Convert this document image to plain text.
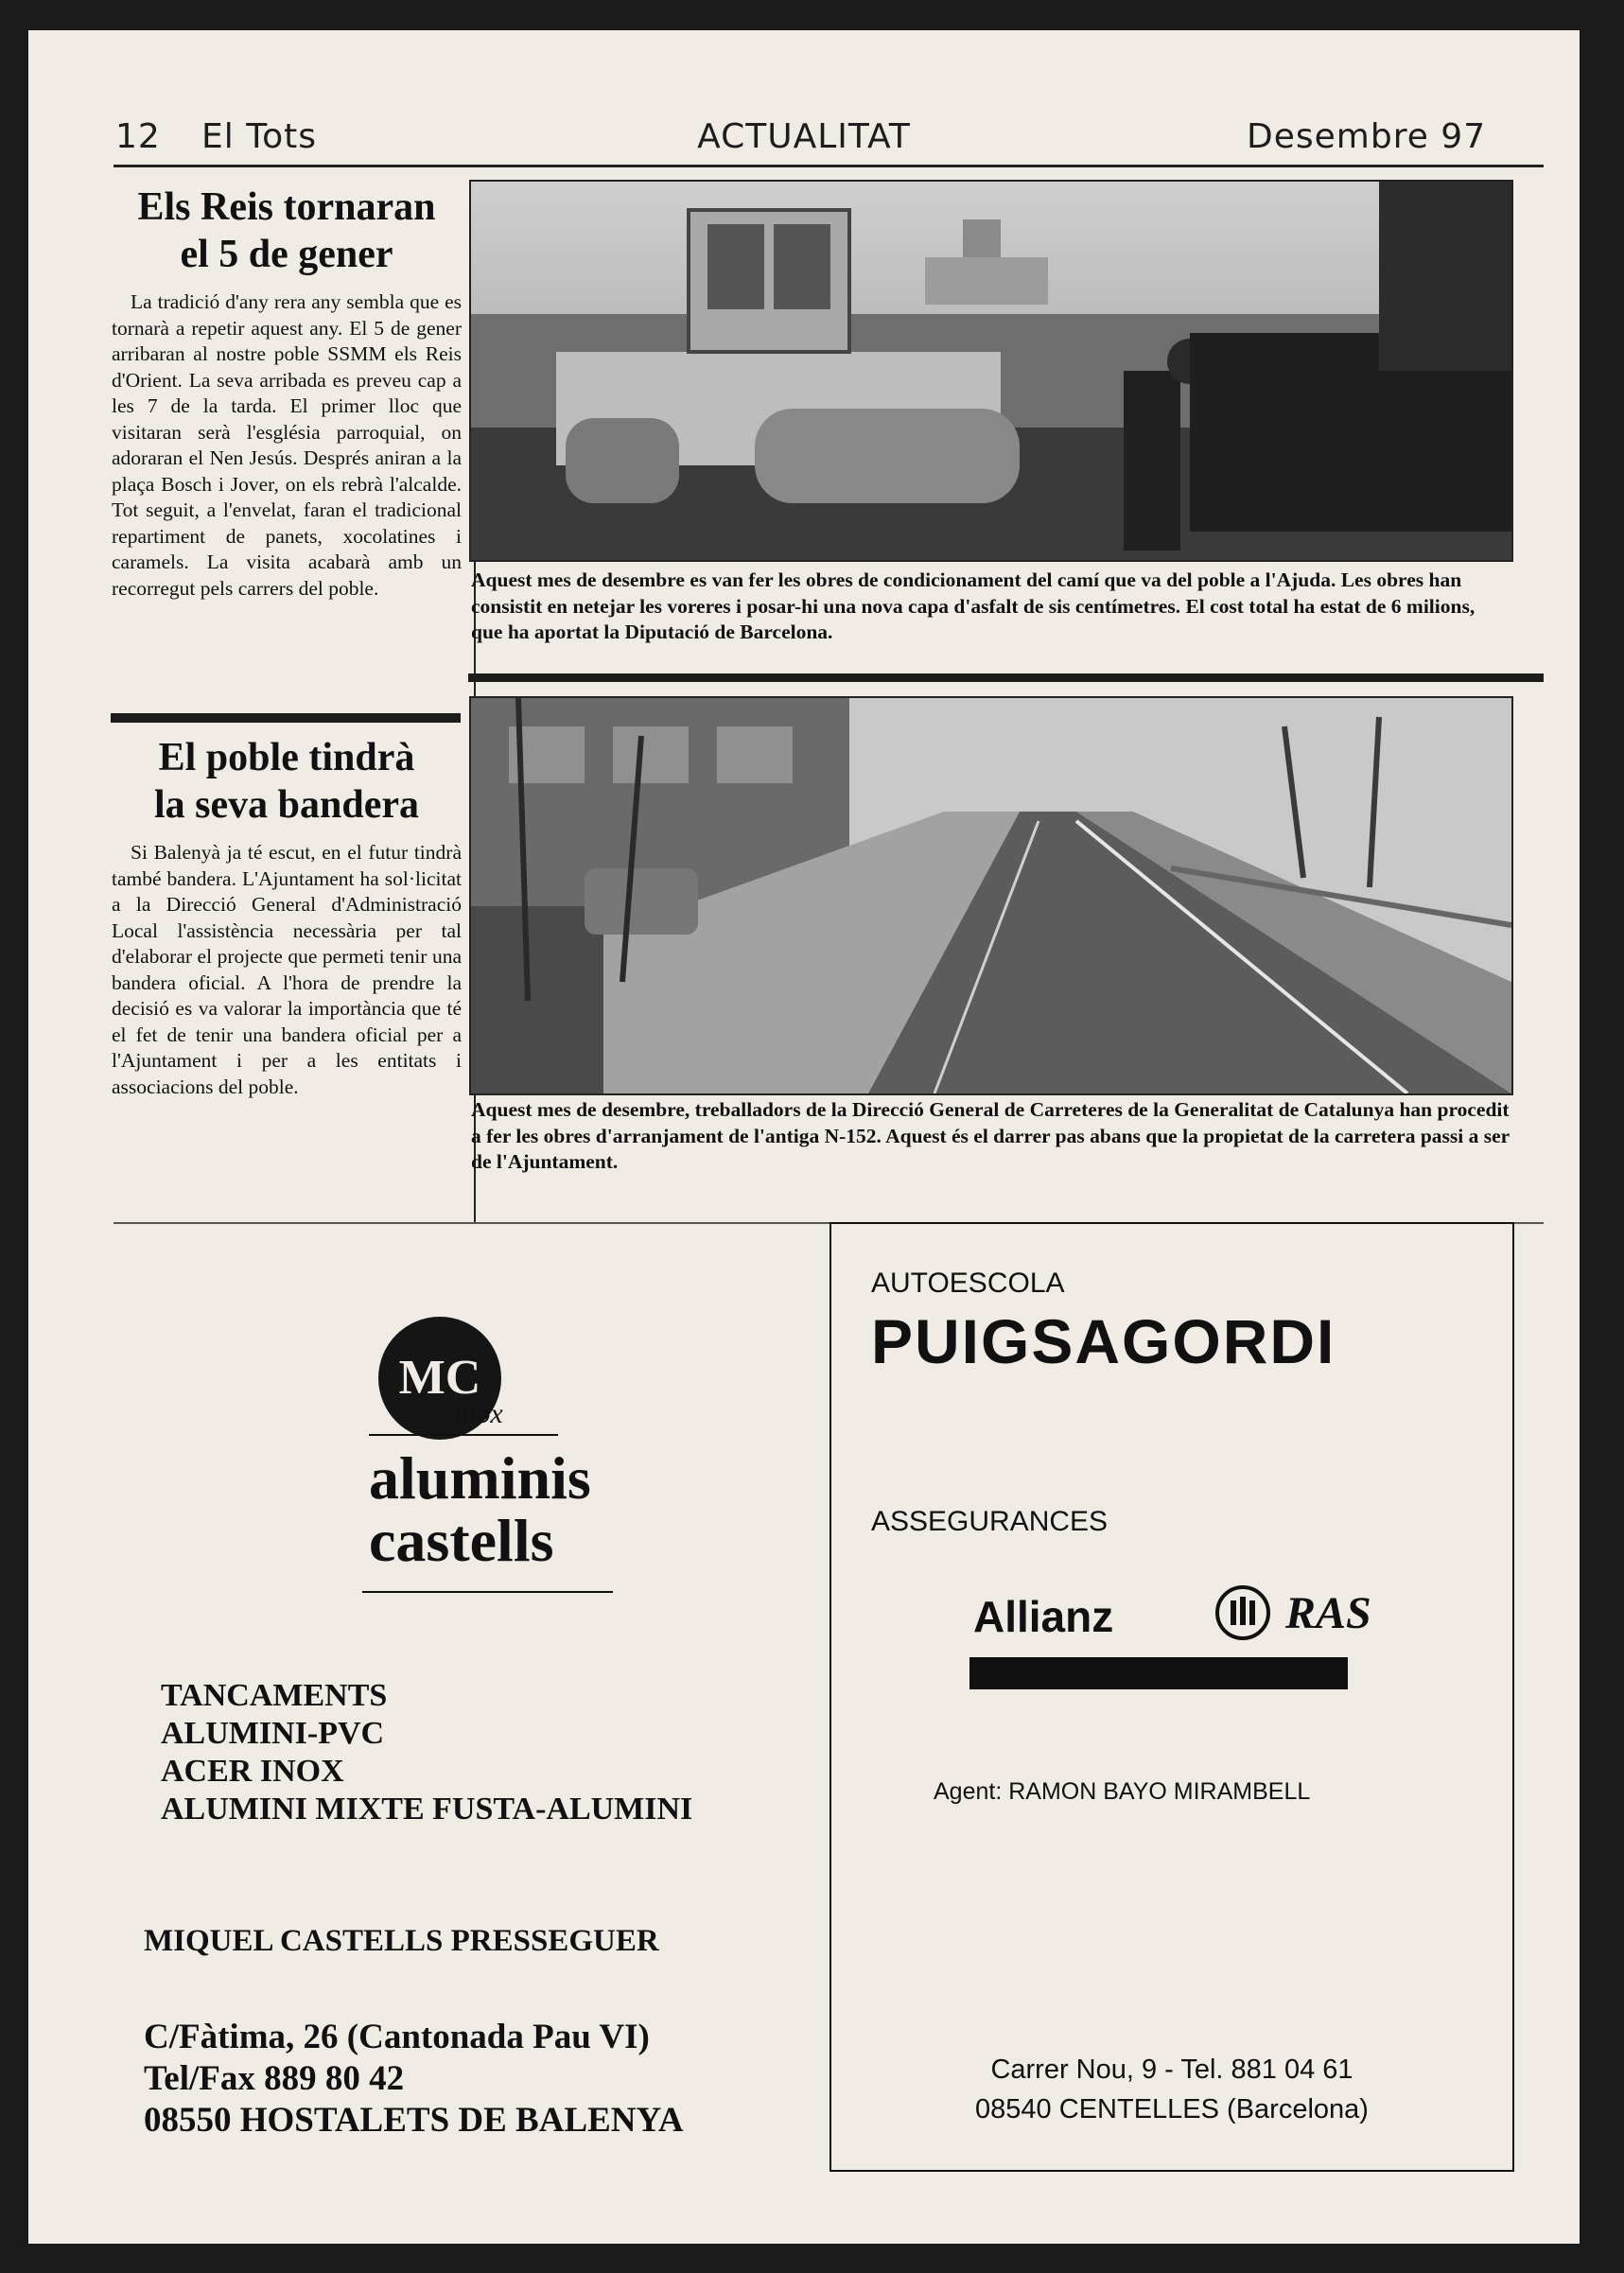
12 El Tots	ACTUALITAT	Desembre 97
Els Reis tornaran
el 5 de gener

La tradició d'any rera any sembla que es tornarà a repetir aquest any. El 5 de gener arribaran al nostre poble SSMM els Reis d'Orient. La seva arribada es preveu cap a les 7 de la tarda. El primer lloc que visitaran serà l'església parroquial, on adoraran el Nen Jesús. Després aniran a la plaça Bosch i Jover, on els rebrà l'alcalde. Tot seguit, a l'envelat, faran el tradicional repartiment de panets, xocolatines i caramels. La visita acabarà amb un recorregut pels carrers del poble.

El poble tindrà
la seva bandera

Si Balenyà ja té escut, en el futur tindrà també bandera. L'Ajuntament ha sol·licitat a la Direcció General d'Administració Local l'assistència necessària per tal d'elaborar el projecte que permeti tenir una bandera oficial. A l'hora de prendre la decisió es va valorar la importància que té el fet de tenir una bandera oficial per a l'Ajuntament i per a les entitats i associacions del poble.

Aquest mes de desembre es van fer les obres de condicionament del camí que va del poble a l'Ajuda. Les obres han consistit en netejar les voreres i posar-hi una nova capa d'asfalt de sis centímetres. El cost total ha estat de 6 milions, que ha aportat la Diputació de Barcelona.
Aquest mes de desembre, treballadors de la Direcció General de Carreteres de la Generalitat de Catalunya han procedit a fer les obres d'arranjament de l'antiga N-152. Aquest és el darrer pas abans que la propietat de la carretera passi a ser de l'Ajuntament.
MC
inox
aluminis
castells
TANCAMENTS
ALUMINI-PVC
ACER INOX
ALUMINI MIXTE FUSTA-ALUMINI
MIQUEL CASTELLS PRESSEGUER
C/Fàtima, 26 (Cantonada Pau VI)
Tel/Fax 889 80 42
08550 HOSTALETS DE BALENYA
AUTOESCOLA
PUIGSAGORDI
ASSEGURANCES
Allianz	RAS
Agent: RAMON BAYO MIRAMBELL
Carrer Nou, 9 - Tel. 881 04 61
08540 CENTELLES (Barcelona)
